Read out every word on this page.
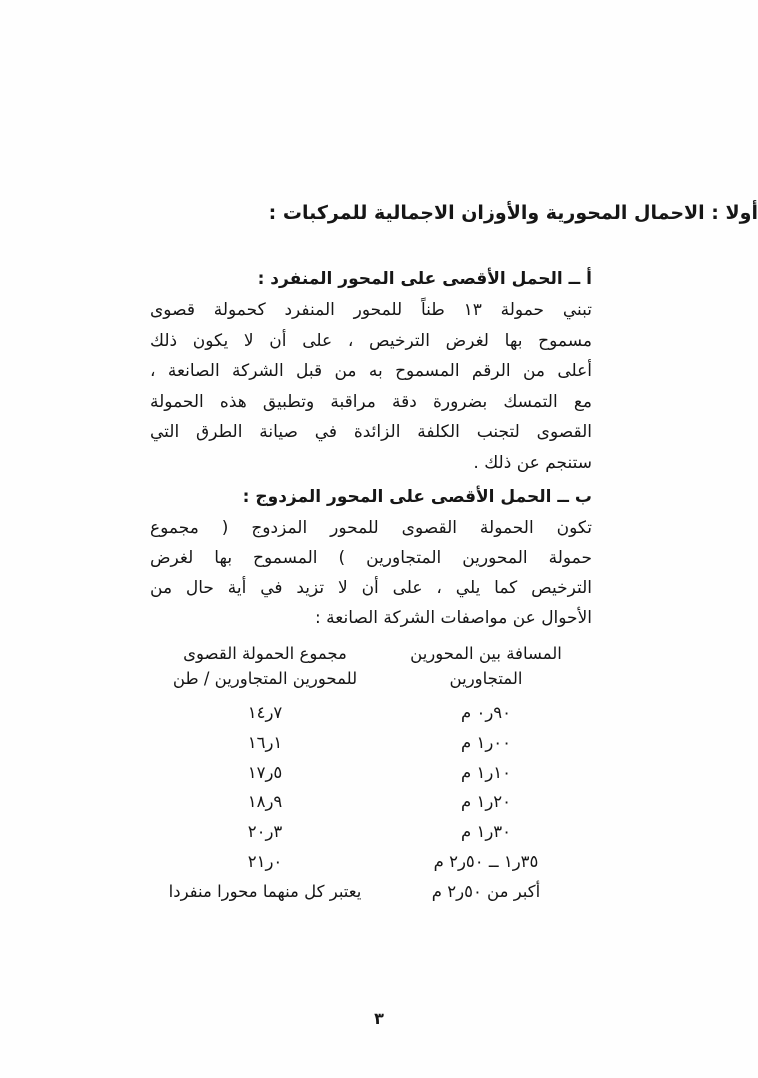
أولا : الاحمال المحورية والأوزان الاجمالية للمركبات :
أ ــ الحمل الأقصى على المحور المنفرد :
تبني حمولة ١٣ طناً للمحور المنفرد كحمولة قصوى
مسموح بها لغرض الترخيص ، على أن لا يكون ذلك
أعلى من الرقم المسموح به من قبل الشركة الصانعة ،
مع التمسك بضرورة دقة مراقبة وتطبيق هذه الحمولة
القصوى لتجنب الكلفة الزائدة في صيانة الطرق التي
ستنجم عن ذلك .
ب ــ الحمل الأقصى على المحور المزدوج :
تكون الحمولة القصوى للمحور المزدوج ( مجموع
حمولة المحورين المتجاورين ) المسموح بها لغرض
الترخيص كما يلي ، على أن لا تزيد في أية حال من
الأحوال عن مواصفات الشركة الصانعة :
المسافة بين المحورين
المتجاورين
مجموع الحمولة القصوى
للمحورين المتجاورين / طن
٩٠ر٠ م
٧ر١٤
٠٠ر١ م
١ر١٦
١٠ر١ م
٥ر١٧
٢٠ر١ م
٩ر١٨
٣٠ر١ م
٣ر٢٠
٣٥ر١ ــ ٥٠ر٢ م
٠ر٢١
أكبر من ٥٠ر٢ م
يعتبر كل منهما محورا منفردا
٣
